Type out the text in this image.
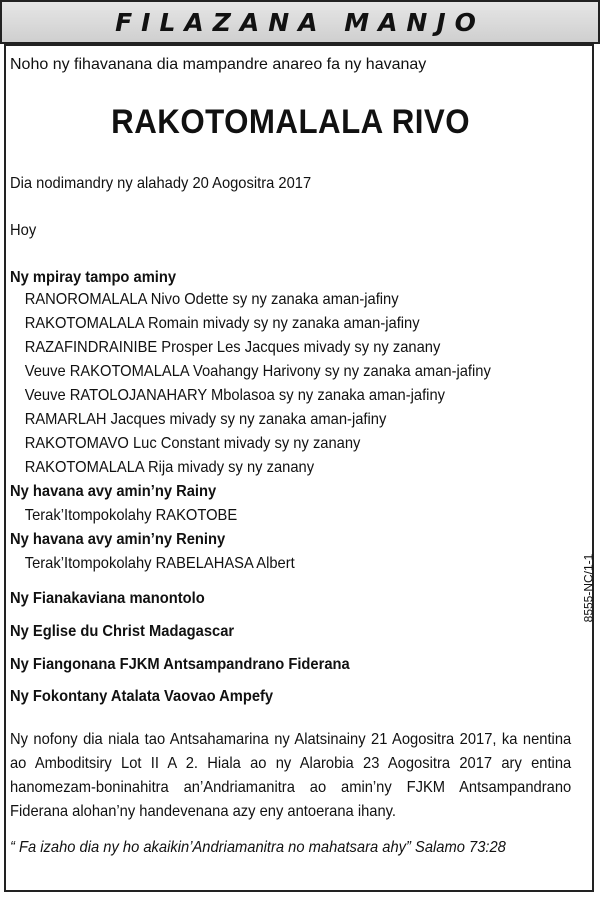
FILAZANA MANJO
Noho ny fihavanana dia mampandre anareo fa ny havanay
RAKOTOMALALA RIVO
Dia nodimandry ny alahady 20 Aogositra 2017
Hoy
Ny mpiray tampo aminy
RANOROMALALA Nivo Odette sy ny zanaka aman-jafiny
RAKOTOMALALA Romain mivady sy ny zanaka aman-jafiny
RAZAFINDRAINIBE Prosper Les Jacques mivady sy ny zanany
Veuve RAKOTOMALALA Voahangy Harivony sy ny zanaka aman-jafiny
Veuve RATOLOJANAHARY Mbolasoa sy ny zanaka aman-jafiny
RAMARLAH Jacques mivady sy ny zanaka aman-jafiny
RAKOTOMAVO Luc Constant mivady sy ny zanany
RAKOTOMALALA Rija mivady sy ny zanany
Ny havana avy amin’ny Rainy
Terak’Itompokolahy RAKOTOBE
Ny havana avy amin’ny Reniny
Terak’Itompokolahy RABELAHASA Albert
Ny Fianakaviana manontolo
Ny Eglise du Christ Madagascar
Ny Fiangonana FJKM Antsampandrano Fiderana
Ny Fokontany Atalata Vaovao Ampefy
Ny nofony dia niala tao Antsahamarina ny Alatsinainy 21 Aogositra 2017, ka nentina ao Amboditsiry Lot II A 2. Hiala ao ny Alarobia 23 Aogositra 2017 ary entina hanomezam-boninahitra an’Andriamanitra ao amin’ny FJKM Antsampandrano Fiderana alohan’ny handevenana azy eny antoerana ihany.
“ Fa izaho dia ny ho akaikin’Andriamanitra no mahatsara ahy” Salamo 73:28
8555-NC/1-1
